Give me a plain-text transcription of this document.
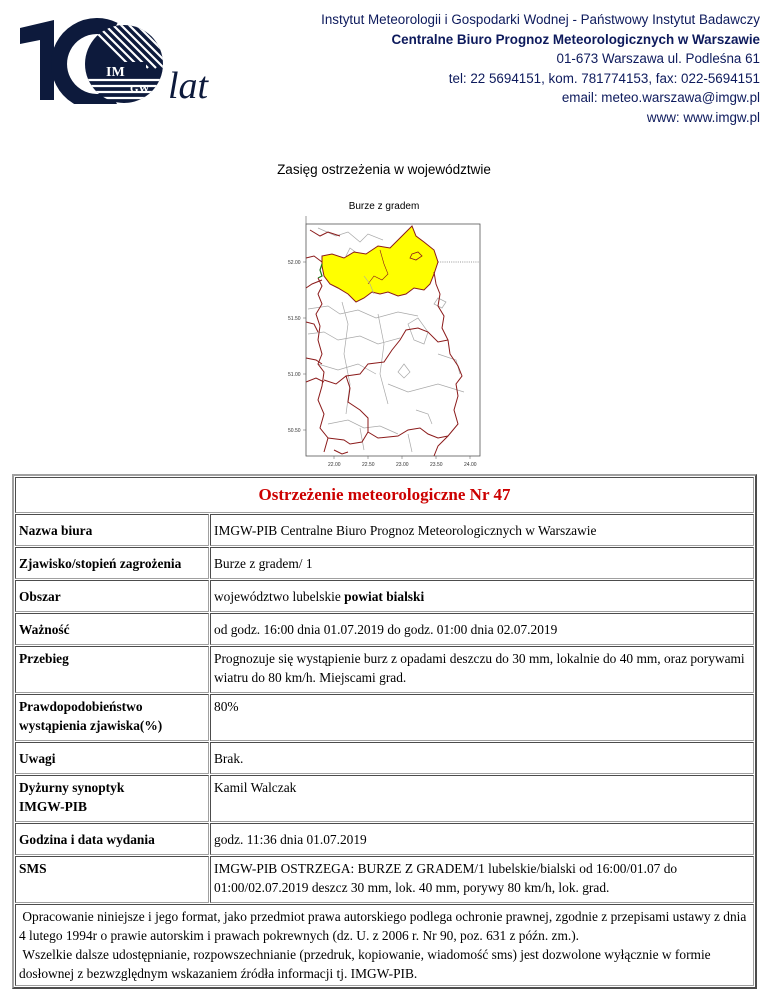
IM
GW lat
Instytut Meteorologii i Gospodarki Wodnej - Państwowy Instytut Badawczy
Centralne Biuro Prognoz Meteorologicznych w Warszawie
01-673 Warszawa ul. Podleśna 61
tel: 22 5694151, kom. 781774153, fax: 022-5694151
email: meteo.warszawa@imgw.pl
www: www.imgw.pl
Zasięg ostrzeżenia w województwie
Burze z gradem
52.00
51.50
51.00
50.50
22.00	22.50	23.00	23.50	24.00
Ostrzeżenie meteorologiczne Nr 47	
Nazwa biura	IMGW-PIB Centralne Biuro Prognoz Meteorologicznych w Warszawie
Zjawisko/stopień zagrożenia	Burze z gradem/ 1
Obszar	województwo lubelskie powiat bialski
Ważność	od godz. 16:00 dnia 01.07.2019 do godz. 01:00 dnia 02.07.2019
Przebieg	Prognozuje się wystąpienie burz z opadami deszczu do 30 mm, lokalnie do 40 mm, oraz porywami wiatru do 80 km/h. Miejscami grad.
Prawdopodobieństwo wystąpienia zjawiska(%)	80%
Uwagi	Brak.
Dyżurny synoptyk
IMGW-PIB	Kamil Walczak
Godzina i data wydania	godz. 11:36 dnia 01.07.2019
SMS	IMGW-PIB OSTRZEGA: BURZE Z GRADEM/1 lubelskie/bialski od 16:00/01.07 do 01:00/02.07.2019 deszcz 30 mm, lok. 40 mm, porywy 80 km/h, lok. grad.
Opracowanie niniejsze i jego format, jako przedmiot prawa autorskiego podlega ochronie prawnej, zgodnie z przepisami ustawy z dnia 4 lutego 1994r o prawie autorskim i prawach pokrewnych (dz. U. z 2006 r. Nr 90, poz. 631 z późn. zm.).
Wszelkie dalsze udostępnianie, rozpowszechnianie (przedruk, kopiowanie, wiadomość sms) jest dozwolone wyłącznie w formie dosłownej z bezwzględnym wskazaniem źródła informacji tj. IMGW-PIB.	
